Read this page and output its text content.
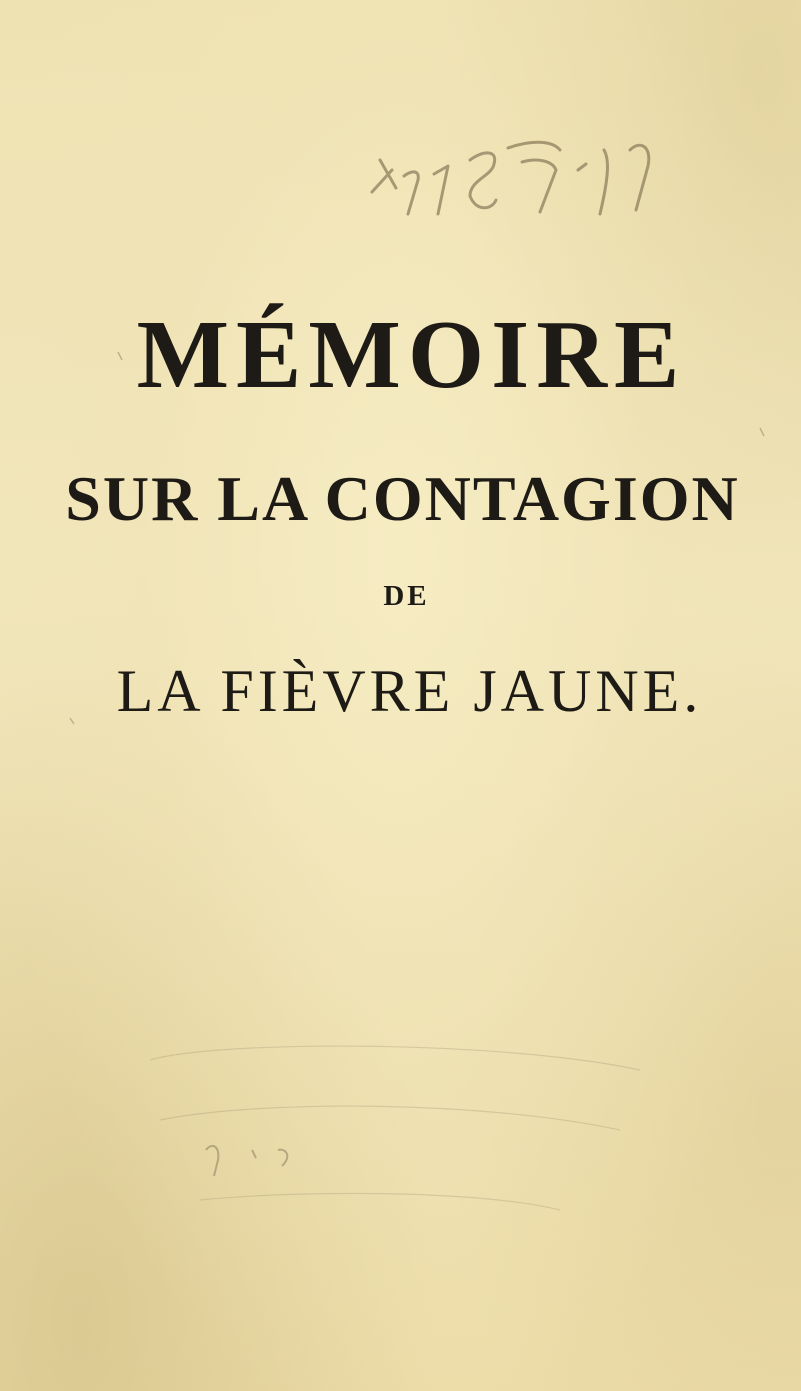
MÉMOIRE
SUR LA CONTAGION

DE

LA FIÈVRE JAUNE.
